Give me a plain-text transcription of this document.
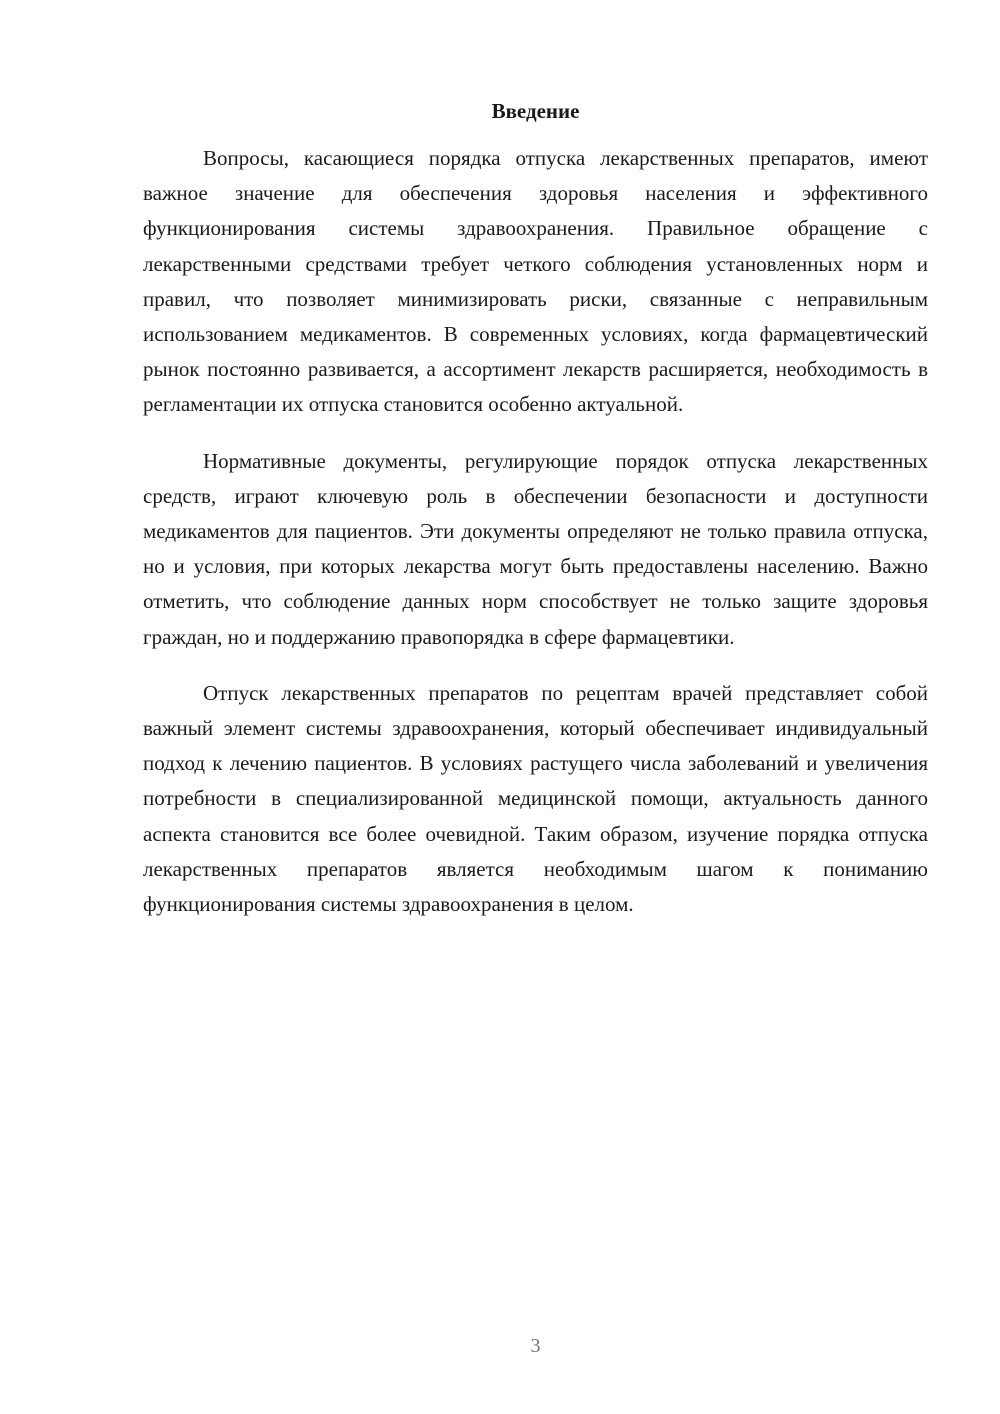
Введение

Вопросы, касающиеся порядка отпуска лекарственных препаратов, имеют важное значение для обеспечения здоровья населения и эффективного функционирования системы здравоохранения. Правильное обращение с лекарственными средствами требует четкого соблюдения установленных норм и правил, что позволяет минимизировать риски, связанные с неправильным использованием медикаментов. В современных условиях, когда фармацевтический рынок постоянно развивается, а ассортимент лекарств расширяется, необходимость в регламентации их отпуска становится особенно актуальной.

Нормативные документы, регулирующие порядок отпуска лекарственных средств, играют ключевую роль в обеспечении безопасности и доступности медикаментов для пациентов. Эти документы определяют не только правила отпуска, но и условия, при которых лекарства могут быть предоставлены населению. Важно отметить, что соблюдение данных норм способствует не только защите здоровья граждан, но и поддержанию правопорядка в сфере фармацевтики.

Отпуск лекарственных препаратов по рецептам врачей представляет собой важный элемент системы здравоохранения, который обеспечивает индивидуальный подход к лечению пациентов. В условиях растущего числа заболеваний и увеличения потребности в специализированной медицинской помощи, актуальность данного аспекта становится все более очевидной. Таким образом, изучение порядка отпуска лекарственных препаратов является необходимым шагом к пониманию функционирования системы здравоохранения в целом.

3
